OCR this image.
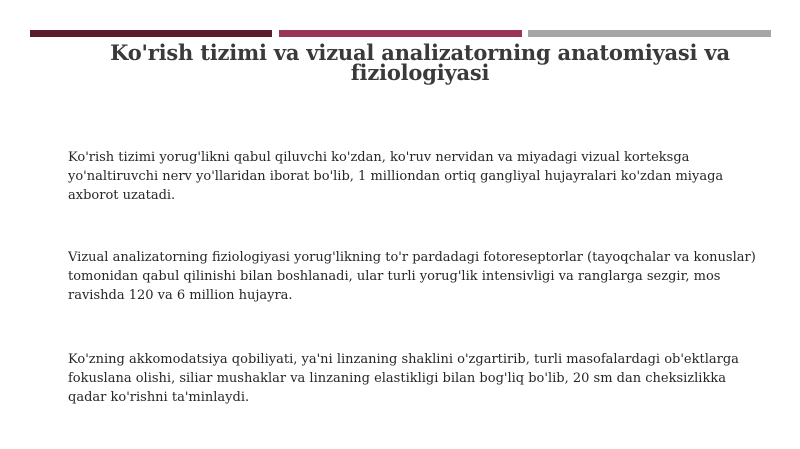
Ko'rish tizimi va vizual analizatorning anatomiyasi va fiziologiyasi

Ko'rish tizimi yorug'likni qabul qiluvchi ko'zdan, ko'ruv nervidan va miyadagi vizual korteksga yo'naltiruvchi nerv yo'llaridan iborat bo'lib, 1 milliondan ortiq gangliyal hujayralari ko'zdan miyaga axborot uzatadi.

Vizual analizatorning fiziologiyasi yorug'likning to'r pardadagi fotoreseptorlar (tayoqchalar va konuslar) tomonidan qabul qilinishi bilan boshlanadi, ular turli yorug'lik intensivligi va ranglarga sezgir, mos ravishda 120 va 6 million hujayra.

Ko'zning akkomodatsiya qobiliyati, ya'ni linzaning shaklini o'zgartirib, turli masofalardagi ob'ektlarga fokuslana olishi, siliar mushaklar va linzaning elastikligi bilan bog'liq bo'lib, 20 sm dan cheksizlikka qadar ko'rishni ta'minlaydi.
